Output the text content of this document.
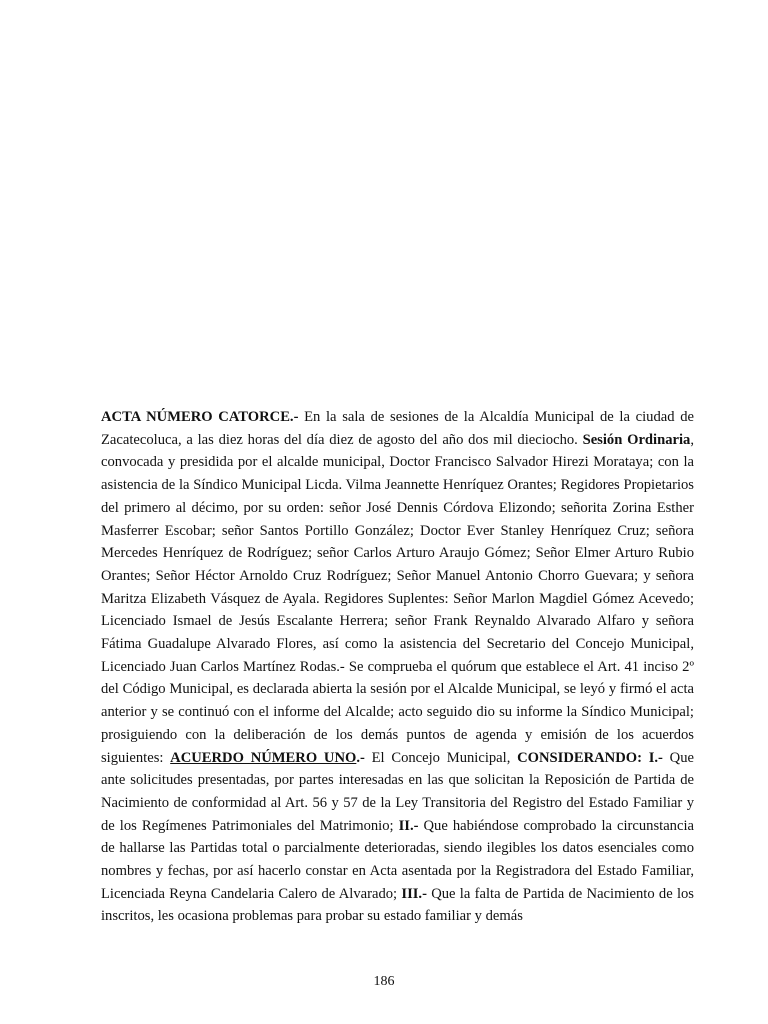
ACTA NÚMERO CATORCE.- En la sala de sesiones de la Alcaldía Municipal de la ciudad de Zacatecoluca, a las diez horas del día diez de agosto del año dos mil dieciocho. Sesión Ordinaria, convocada y presidida por el alcalde municipal, Doctor Francisco Salvador Hirezi Morataya; con la asistencia de la Síndico Municipal Licda. Vilma Jeannette Henríquez Orantes; Regidores Propietarios del primero al décimo, por su orden: señor José Dennis Córdova Elizondo; señorita Zorina Esther Masferrer Escobar; señor Santos Portillo González; Doctor Ever Stanley Henríquez Cruz; señora Mercedes Henríquez de Rodríguez; señor Carlos Arturo Araujo Gómez; Señor Elmer Arturo Rubio Orantes; Señor Héctor Arnoldo Cruz Rodríguez; Señor Manuel Antonio Chorro Guevara; y señora Maritza Elizabeth Vásquez de Ayala. Regidores Suplentes: Señor Marlon Magdiel Gómez Acevedo; Licenciado Ismael de Jesús Escalante Herrera; señor Frank Reynaldo Alvarado Alfaro y señora Fátima Guadalupe Alvarado Flores, así como la asistencia del Secretario del Concejo Municipal, Licenciado Juan Carlos Martínez Rodas.- Se comprueba el quórum que establece el Art. 41 inciso 2º del Código Municipal, es declarada abierta la sesión por el Alcalde Municipal, se leyó y firmó el acta anterior y se continuó con el informe del Alcalde; acto seguido dio su informe la Síndico Municipal; prosiguiendo con la deliberación de los demás puntos de agenda y emisión de los acuerdos siguientes: ACUERDO NÚMERO UNO.- El Concejo Municipal, CONSIDERANDO: I.- Que ante solicitudes presentadas, por partes interesadas en las que solicitan la Reposición de Partida de Nacimiento de conformidad al Art. 56 y 57 de la Ley Transitoria del Registro del Estado Familiar y de los Regímenes Patrimoniales del Matrimonio; II.- Que habiéndose comprobado la circunstancia de hallarse las Partidas total o parcialmente deterioradas, siendo ilegibles los datos esenciales como nombres y fechas, por así hacerlo constar en Acta asentada por la Registradora del Estado Familiar, Licenciada Reyna Candelaria Calero de Alvarado; III.- Que la falta de Partida de Nacimiento de los inscritos, les ocasiona problemas para probar su estado familiar y demás

186
